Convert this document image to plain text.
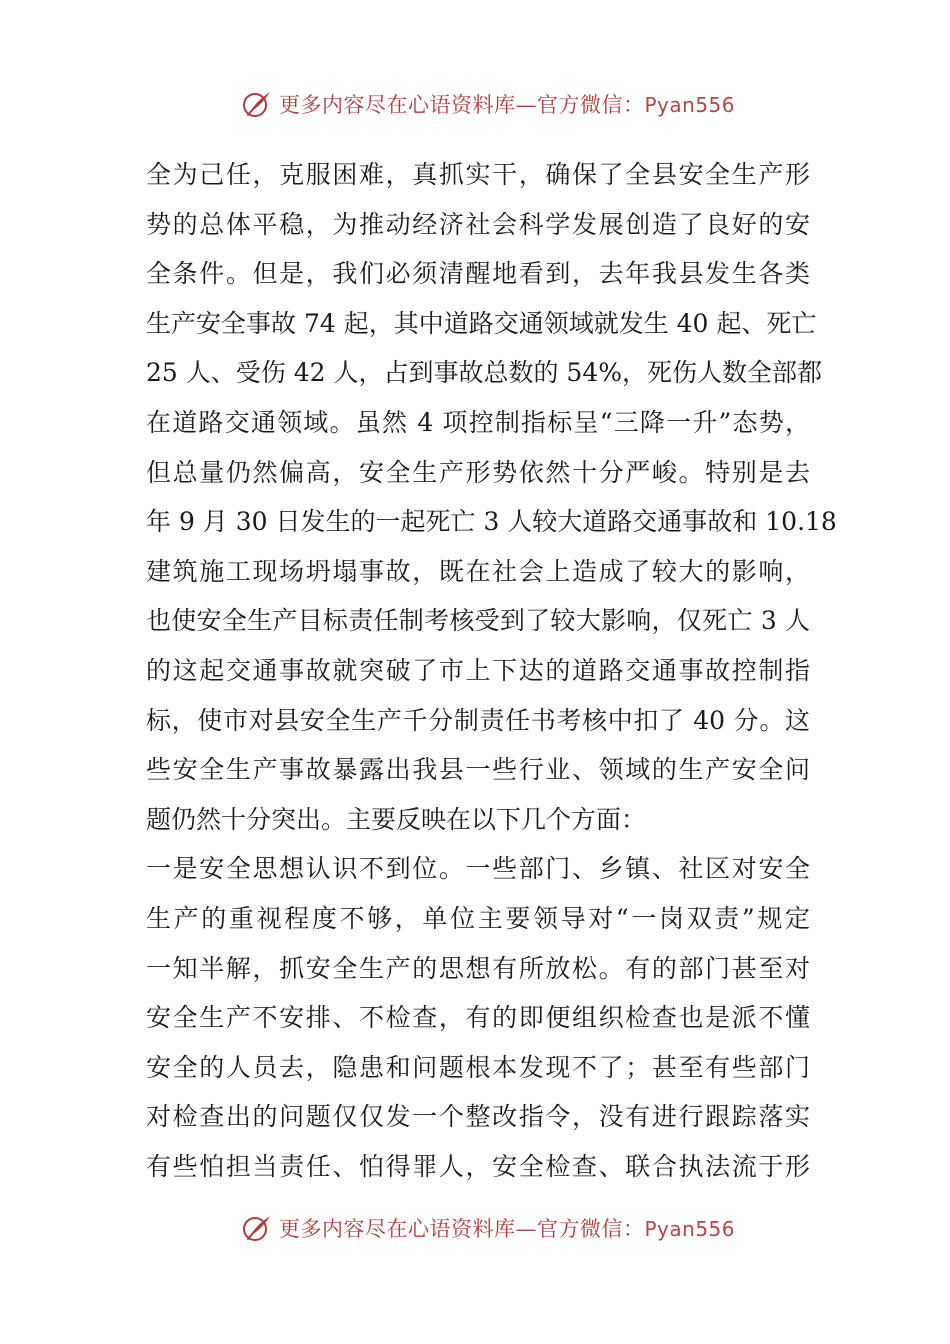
更多内容尽在心语资料库—官方微信：Pyan556
全为己任，克服困难，真抓实干，确保了全县安全生产形
势的总体平稳，为推动经济社会科学发展创造了良好的安
全条件。但是，我们必须清醒地看到，去年我县发生各类
生产安全事故 74 起，其中道路交通领域就发生 40 起、死亡
25 人、受伤 42 人，占到事故总数的 54%，死伤人数全部都
在道路交通领域。虽然 4 项控制指标呈“三降一升”态势，
但总量仍然偏高，安全生产形势依然十分严峻。特别是去
年 9 月 30 日发生的一起死亡 3 人较大道路交通事故和 10.18
建筑施工现场坍塌事故，既在社会上造成了较大的影响，
也使安全生产目标责任制考核受到了较大影响，仅死亡 3 人
的这起交通事故就突破了市上下达的道路交通事故控制指
标，使市对县安全生产千分制责任书考核中扣了 40 分。这
些安全生产事故暴露出我县一些行业、领域的生产安全问
题仍然十分突出。主要反映在以下几个方面：
一是安全思想认识不到位。一些部门、乡镇、社区对安全
生产的重视程度不够，单位主要领导对“一岗双责”规定
一知半解，抓安全生产的思想有所放松。有的部门甚至对
安全生产不安排、不检查，有的即便组织检查也是派不懂
安全的人员去，隐患和问题根本发现不了；甚至有些部门
对检查出的问题仅仅发一个整改指令，没有进行跟踪落实
有些怕担当责任、怕得罪人，安全检查、联合执法流于形
更多内容尽在心语资料库—官方微信：Pyan556
